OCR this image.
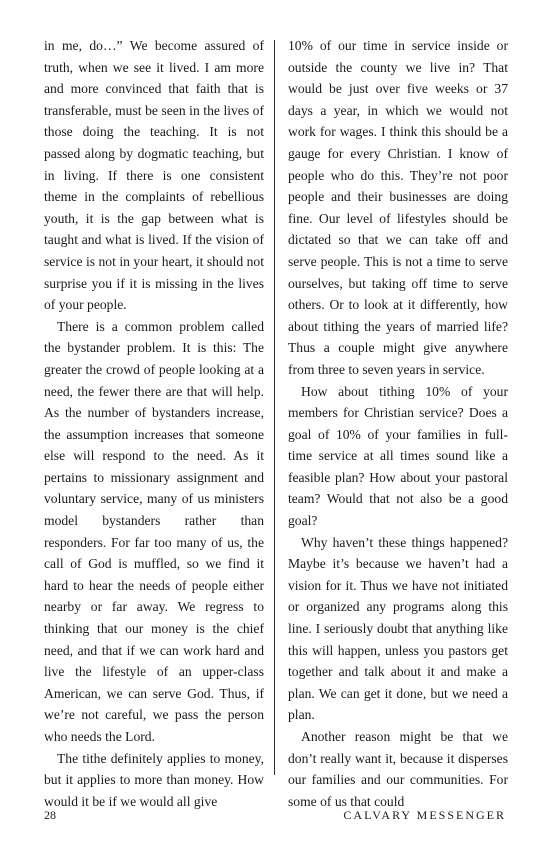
in me, do…” We become assured of truth, when we see it lived. I am more and more convinced that faith that is transferable, must be seen in the lives of those doing the teaching. It is not passed along by dogmatic teaching, but in living. If there is one consistent theme in the complaints of rebellious youth, it is the gap between what is taught and what is lived. If the vision of service is not in your heart, it should not surprise you if it is missing in the lives of your people.

There is a common problem called the bystander problem. It is this: The greater the crowd of people looking at a need, the fewer there are that will help. As the number of bystanders increase, the assumption increases that someone else will respond to the need. As it pertains to missionary assignment and voluntary service, many of us ministers model bystanders rather than responders. For far too many of us, the call of God is muffled, so we find it hard to hear the needs of people either nearby or far away. We regress to thinking that our money is the chief need, and that if we can work hard and live the lifestyle of an upper-class American, we can serve God. Thus, if we’re not careful, we pass the person who needs the Lord.

The tithe definitely applies to money, but it applies to more than money. How would it be if we would all give

10% of our time in service inside or outside the county we live in? That would be just over five weeks or 37 days a year, in which we would not work for wages. I think this should be a gauge for every Christian. I know of people who do this. They’re not poor people and their businesses are doing fine. Our level of lifestyles should be dictated so that we can take off and serve people. This is not a time to serve ourselves, but taking off time to serve others. Or to look at it differently, how about tithing the years of married life? Thus a couple might give anywhere from three to seven years in service.

How about tithing 10% of your members for Christian service? Does a goal of 10% of your families in full-time service at all times sound like a feasible plan? How about your pastoral team? Would that not also be a good goal?

Why haven’t these things happened? Maybe it’s because we haven’t had a vision for it. Thus we have not initiated or organized any programs along this line. I seriously doubt that anything like this will happen, unless you pastors get together and talk about it and make a plan. We can get it done, but we need a plan.

Another reason might be that we don’t really want it, because it disperses our families and our communities. For some of us that could

28	CALVARY MESSENGER
